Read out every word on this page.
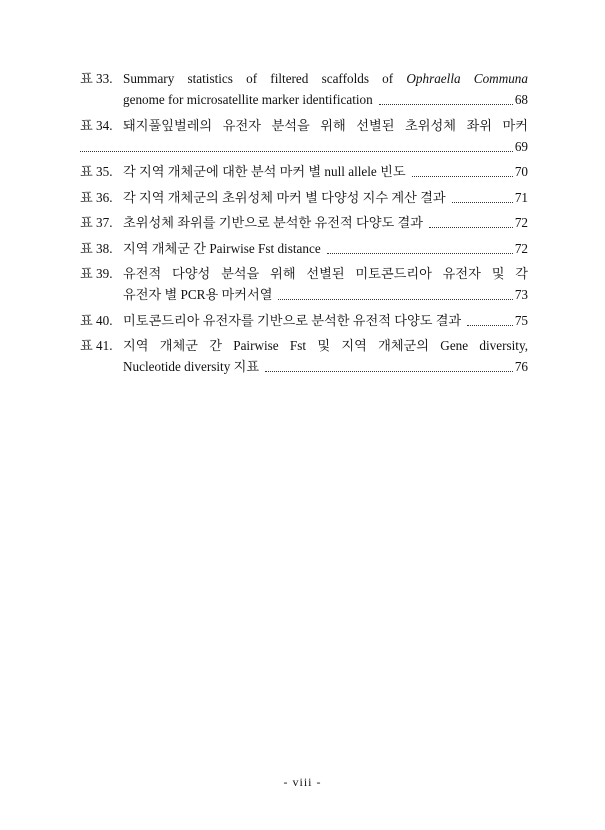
표 33. Summary statistics of filtered scaffolds of Ophraella Communa
genome for microsatellite marker identification	68
표 34. 돼지풀잎벌레의 유전자 분석을 위해 선별된 초위성체 좌위 마커
69
표 35. 각 지역 개체군에 대한 분석 마커 별 null allele 빈도	70
표 36. 각 지역 개체군의 초위성체 마커 별 다양성 지수 계산 결과	71
표 37. 초위성체 좌위를 기반으로 분석한 유전적 다양도 결과	72
표 38. 지역 개체군 간 Pairwise Fst distance	72
표 39. 유전적 다양성 분석을 위해 선별된 미토콘드리아 유전자 및 각
유전자 별 PCR용 마커서열	73
표 40. 미토콘드리아 유전자를 기반으로 분석한 유전적 다양도 결과	75
표 41. 지역 개체군 간 Pairwise Fst 및 지역 개체군의 Gene diversity,
Nucleotide diversity 지표	76
- viii -
